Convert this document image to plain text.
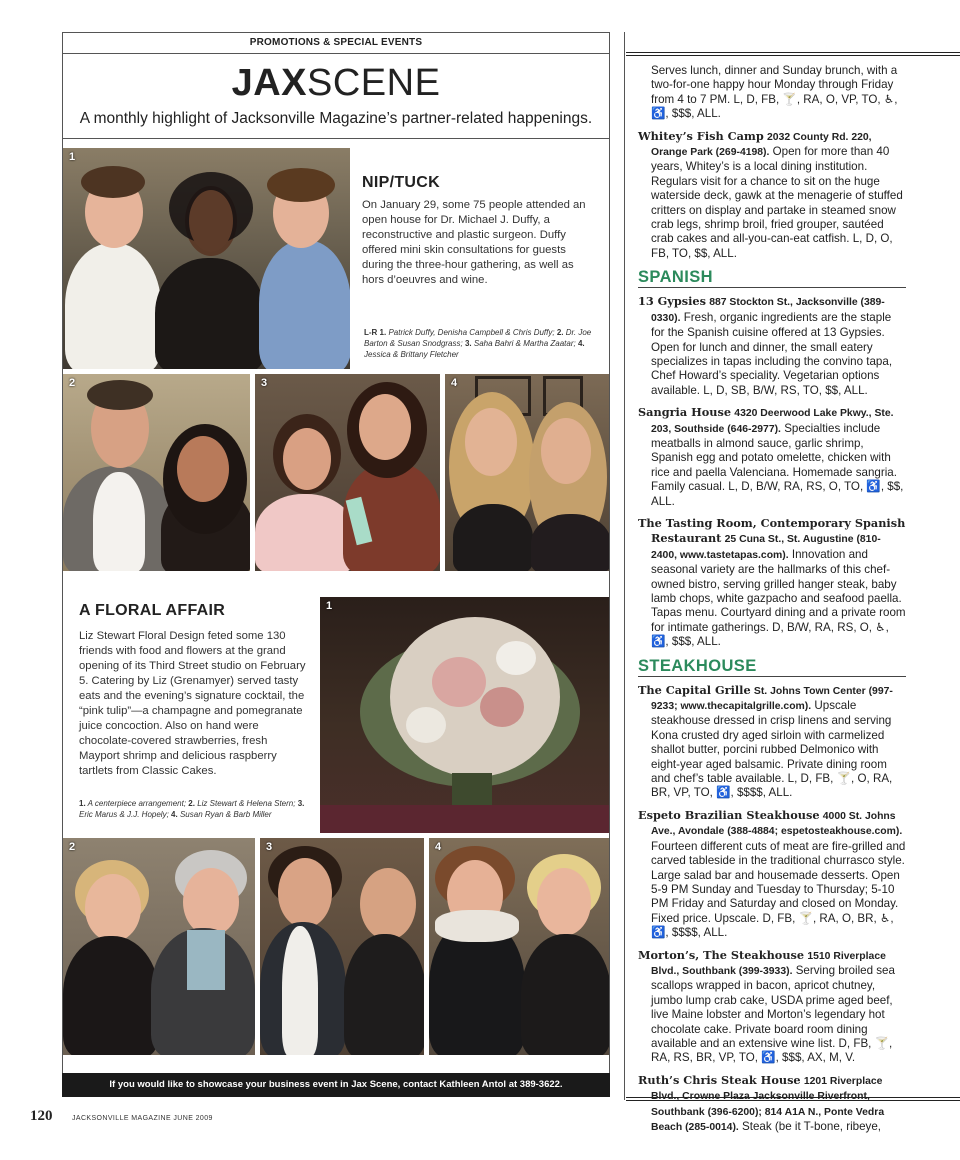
PROMOTIONS & SPECIAL EVENTS
JAXSCENE
A monthly highlight of Jacksonville Magazine’s partner-related happenings.
1
NIP/TUCK
On January 29, some 75 people attended an open house for Dr. Michael J. Duffy, a reconstructive and plastic surgeon. Duffy offered mini skin consultations for guests during the three-hour gathering, as well as hors d’oeuvres and wine.
L-R 1. Patrick Duffy, Denisha Campbell & Chris Duffy; 2. Dr. Joe Barton & Susan Snodgrass; 3. Saha Bahri & Martha Zaatar; 4. Jessica & Brittany Fletcher
2	3	4
A FLORAL AFFAIR
Liz Stewart Floral Design feted some 130 friends with food and flowers at the grand opening of its Third Street studio on February 5. Catering by Liz (Grenamyer) served tasty eats and the evening’s signature cocktail, the “pink tulip”—a champagne and pomegranate juice concoction. Also on hand were chocolate-covered strawberries, fresh Mayport shrimp and delicious raspberry tartlets from Classic Cakes.
1. A centerpiece arrangement; 2. Liz Stewart & Helena Stern; 3. Eric Marus & J.J. Hopely; 4. Susan Ryan & Barb Miller
1
2	3	4
If you would like to showcase your business event in Jax Scene, contact Kathleen Antol at 389-3622.
120	JACKSONVILLE MAGAZINE JUNE 2009
Serves lunch, dinner and Sunday brunch, with a two-for-one happy hour Monday through Friday from 4 to 7 PM. L, D, FB, 🍸, RA, O, VP, TO, ♿︎, ♿, $$$, ALL.
Whitey’s Fish Camp 2032 County Rd. 220, Orange Park (269-4198). Open for more than 40 years, Whitey’s is a local dining institution. Regulars visit for a chance to sit on the huge waterside deck, gawk at the menagerie of stuffed critters on display and partake in steamed snow crab legs, shrimp broil, fried grouper, sautéed crab cakes and all-you-can-eat catfish. L, D, O, FB, TO, $$, ALL.
SPANISH
13 Gypsies 887 Stockton St., Jacksonville (389-0330). Fresh, organic ingredients are the staple for the Spanish cuisine offered at 13 Gypsies. Open for lunch and dinner, the small eatery specializes in tapas including the convino tapa, Chef Howard’s speciality. Vegetarian options available. L, D, SB, B/W, RS, TO, $$, ALL.
Sangria House 4320 Deerwood Lake Pkwy., Ste. 203, Southside (646-2977). Specialties include meatballs in almond sauce, garlic shrimp, Spanish egg and potato omelette, chicken with rice and paella Valenciana. Homemade sangria. Family casual. L, D, B/W, RA, RS, O, TO, ♿, $$, ALL.
The Tasting Room, Contemporary Spanish Restaurant 25 Cuna St., St. Augustine (810-2400, www.tastetapas.com). Innovation and seasonal variety are the hallmarks of this chef-owned bistro, serving grilled hanger steak, baby lamb chops, white gazpacho and seafood paella. Tapas menu. Courtyard dining and a private room for intimate gatherings. D, B/W, RA, RS, O, ♿︎, ♿, $$$, ALL.
STEAKHOUSE
The Capital Grille St. Johns Town Center (997-9233; www.thecapitalgrille.com). Upscale steakhouse dressed in crisp linens and serving Kona crusted dry aged sirloin with carmelized shallot butter, porcini rubbed Delmonico with eight-year aged balsamic. Private dining room and chef’s table available. L, D, FB, 🍸, O, RA, BR, VP, TO, ♿, $$$$, ALL.
Espeto Brazilian Steakhouse 4000 St. Johns Ave., Avondale (388-4884; espetosteakhouse.com). Fourteen different cuts of meat are fire-grilled and carved tableside in the traditional churrasco style. Large salad bar and housemade desserts. Open 5-9 PM Sunday and Tuesday to Thursday; 5-10 PM Friday and Saturday and closed on Monday. Fixed price. Upscale. D, FB, 🍸, RA, O, BR, ♿︎, ♿, $$$$, ALL.
Morton’s, The Steakhouse 1510 Riverplace Blvd., Southbank (399-3933). Serving broiled sea scallops wrapped in bacon, apricot chutney, jumbo lump crab cake, USDA prime aged beef, live Maine lobster and Morton’s legendary hot chocolate cake. Private board room dining available and an extensive wine list. D, FB, 🍸, RA, RS, BR, VP, TO, ♿, $$$, AX, M, V.
Ruth’s Chris Steak House 1201 Riverplace Blvd., Crowne Plaza Jacksonville Riverfront, Southbank (396-6200); 814 A1A N., Ponte Vedra Beach (285-0014). Steak (be it T-bone, ribeye,
